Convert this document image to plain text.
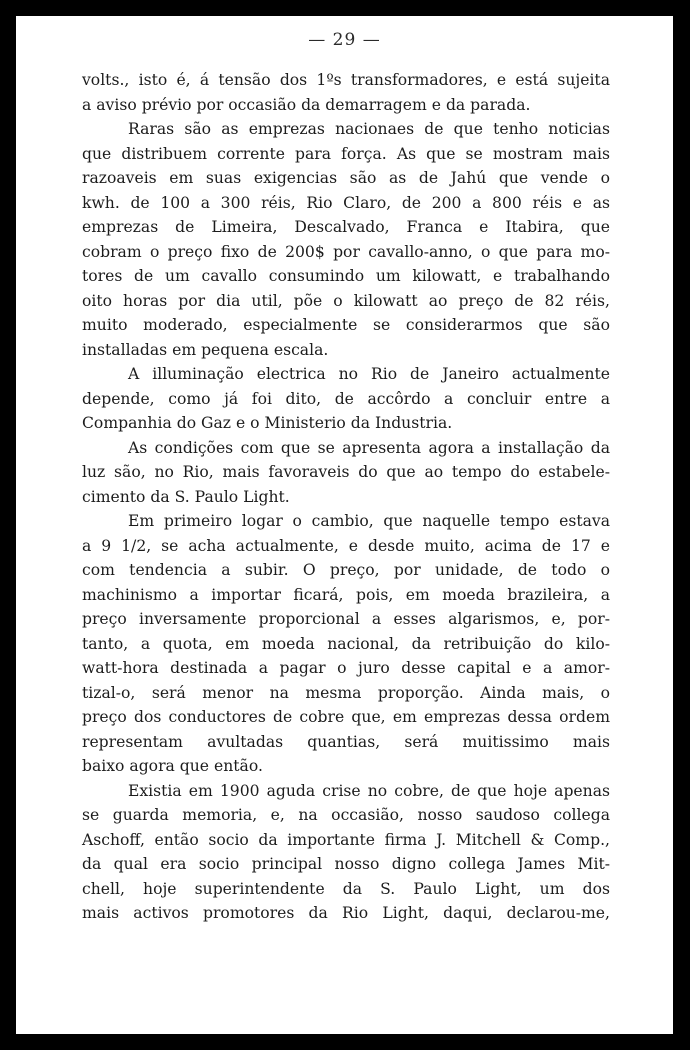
— 29 —
volts., isto é, á tensão dos 1ºs transformadores, e está sujeita
a aviso prévio por occasião da demarragem e da parada.
Raras são as emprezas nacionaes de que tenho noticias
que distribuem corrente para força. As que se mostram mais
razoaveis em suas exigencias são as de Jahú que vende o
kwh. de 100 a 300 réis, Rio Claro, de 200 a 800 réis e as
emprezas de Limeira, Descalvado, Franca e Itabira, que
cobram o preço fixo de 200$ por cavallo-anno, o que para mo-
tores de um cavallo consumindo um kilowatt, e trabalhando
oito horas por dia util, põe o kilowatt ao preço de 82 réis,
muito moderado, especialmente se considerarmos que são
installadas em pequena escala.
A illuminação electrica no Rio de Janeiro actualmente
depende, como já foi dito, de accôrdo a concluir entre a
Companhia do Gaz e o Ministerio da Industria.
As condições com que se apresenta agora a installação da
luz são, no Rio, mais favoraveis do que ao tempo do estabele-
cimento da S. Paulo Light.
Em primeiro logar o cambio, que naquelle tempo estava
a 9 1/2, se acha actualmente, e desde muito, acima de 17 e
com tendencia a subir. O preço, por unidade, de todo o
machinismo a importar ficará, pois, em moeda brazileira, a
preço inversamente proporcional a esses algarismos, e, por-
tanto, a quota, em moeda nacional, da retribuição do kilo-
watt-hora destinada a pagar o juro desse capital e a amor-
tizal-o, será menor na mesma proporção. Ainda mais, o
preço dos conductores de cobre que, em emprezas dessa ordem
representam avultadas quantias, será muitissimo mais
baixo agora que então.
Existia em 1900 aguda crise no cobre, de que hoje apenas
se guarda memoria, e, na occasião, nosso saudoso collega
Aschoff, então socio da importante firma J. Mitchell & Comp.,
da qual era socio principal nosso digno collega James Mit-
chell, hoje superintendente da S. Paulo Light, um dos
mais activos promotores da Rio Light, daqui, declarou-me,
